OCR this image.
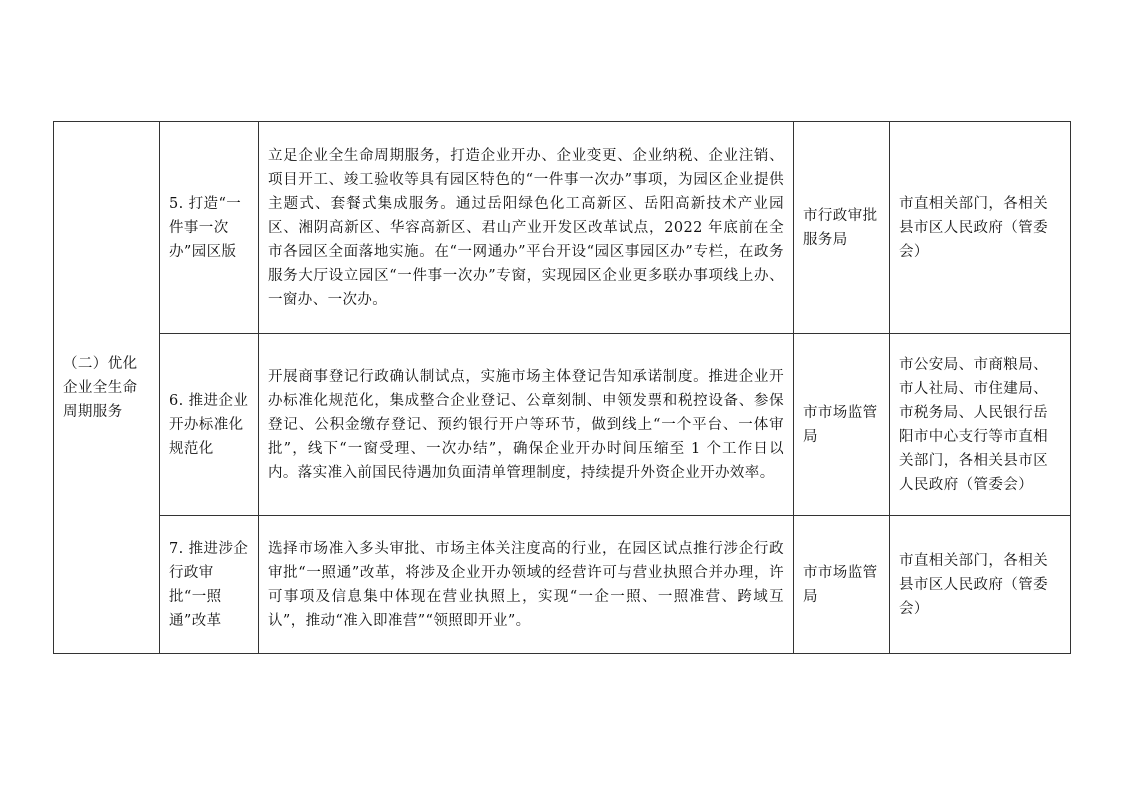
（二）优化企业全生命周期服务	5. 打造“一件事一次办”园区版	立足企业全生命周期服务，打造企业开办、企业变更、企业纳税、企业注销、项目开工、竣工验收等具有园区特色的“一件事一次办”事项，为园区企业提供主题式、套餐式集成服务。通过岳阳绿色化工高新区、岳阳高新技术产业园区、湘阴高新区、华容高新区、君山产业开发区改革试点，2022 年底前在全市各园区全面落地实施。在“一网通办”平台开设“园区事园区办”专栏，在政务服务大厅设立园区“一件事一次办”专窗，实现园区企业更多联办事项线上办、一窗办、一次办。	市行政审批服务局	市直相关部门，各相关县市区人民政府（管委会）
	6. 推进企业开办标准化规范化	开展商事登记行政确认制试点，实施市场主体登记告知承诺制度。推进企业开办标准化规范化，集成整合企业登记、公章刻制、申领发票和税控设备、参保登记、公积金缴存登记、预约银行开户等环节，做到线上“一个平台、一体审批”，线下“一窗受理、一次办结”，确保企业开办时间压缩至 1 个工作日以内。落实准入前国民待遇加负面清单管理制度，持续提升外资企业开办效率。	市市场监管局	市公安局、市商粮局、市人社局、市住建局、市税务局、人民银行岳阳市中心支行等市直相关部门，各相关县市区人民政府（管委会）
	7. 推进涉企行政审批“一照通”改革	选择市场准入多头审批、市场主体关注度高的行业，在园区试点推行涉企行政审批“一照通”改革，将涉及企业开办领域的经营许可与营业执照合并办理，许可事项及信息集中体现在营业执照上，实现“一企一照、一照准营、跨域互认”，推动“准入即准营”“领照即开业”。	市市场监管局	市直相关部门，各相关县市区人民政府（管委会）
